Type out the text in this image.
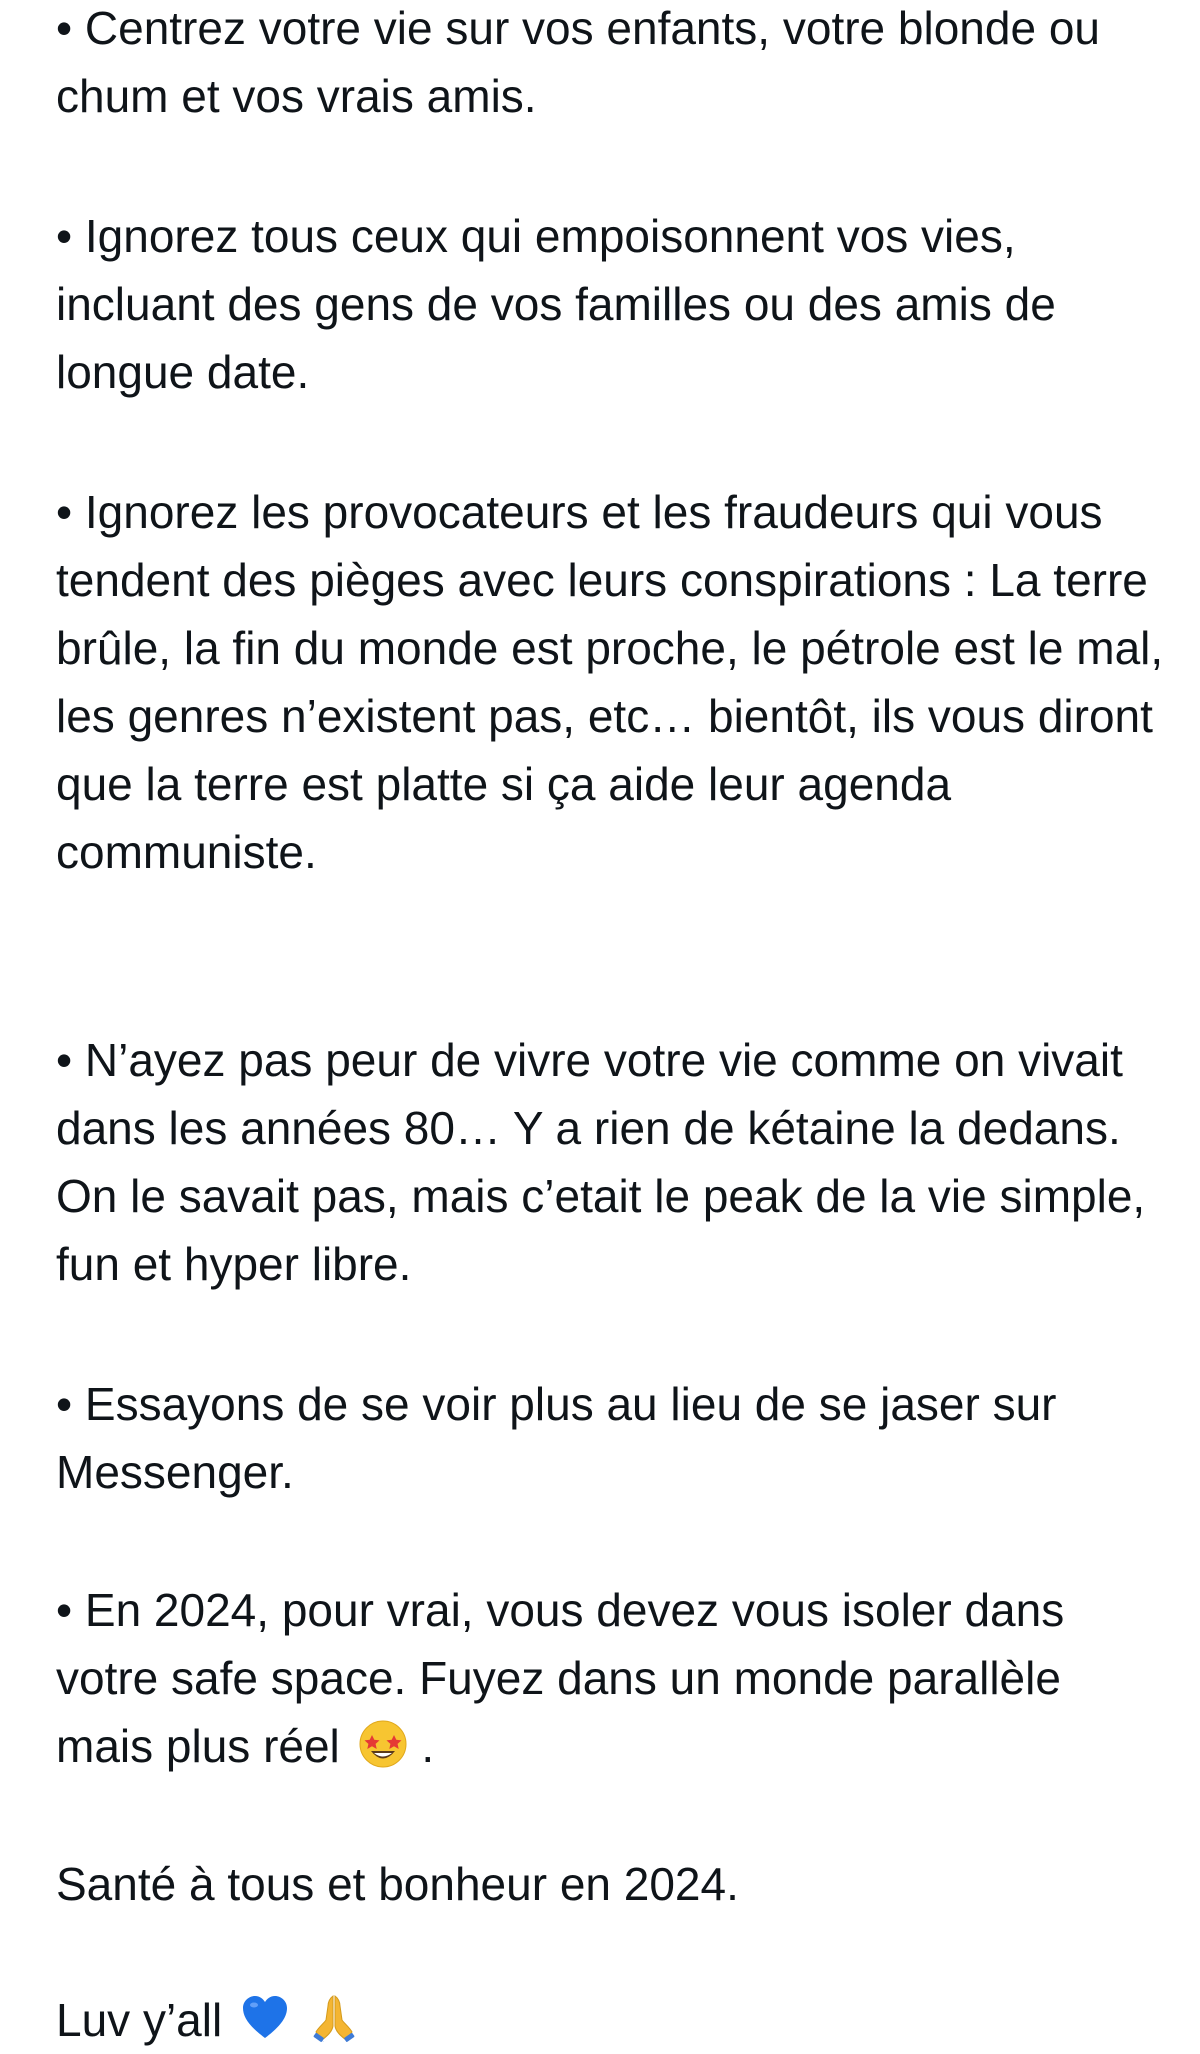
• Centrez votre vie sur vos enfants, votre blonde ou chum et vos vrais amis.

• Ignorez tous ceux qui empoisonnent vos vies, incluant des gens de vos familles ou des amis de longue date.

• Ignorez les provocateurs et les fraudeurs qui vous tendent des pièges avec leurs conspirations : La terre brûle, la fin du monde est proche, le pétrole est le mal, les genres n’existent pas, etc… bientôt, ils vous diront que la terre est platte si ça aide leur agenda communiste.

• N’ayez pas peur de vivre votre vie comme on vivait dans les années 80… Y a rien de kétaine la dedans. On le savait pas, mais c’etait le peak de la vie simple, fun et hyper libre.

• Essayons de se voir plus au lieu de se jaser sur Messenger.

• En 2024, pour vrai, vous devez vous isoler dans votre safe space. Fuyez dans un monde parallèle mais plus réel .

Santé à tous et bonheur en 2024.

Luv y’all
